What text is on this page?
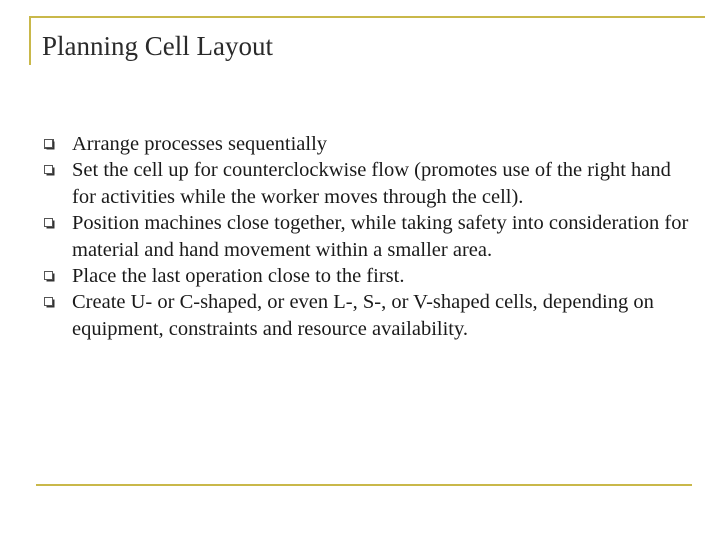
Planning Cell Layout
Arrange processes sequentially
Set the cell up for counterclockwise flow (promotes use of the right hand for activities while the worker moves through the cell).
Position machines close together, while taking safety into consideration for material and hand movement within a smaller area.
Place the last operation close to the first.
Create U- or C-shaped, or even L-, S-, or V-shaped cells, depending on equipment, constraints and resource availability.
